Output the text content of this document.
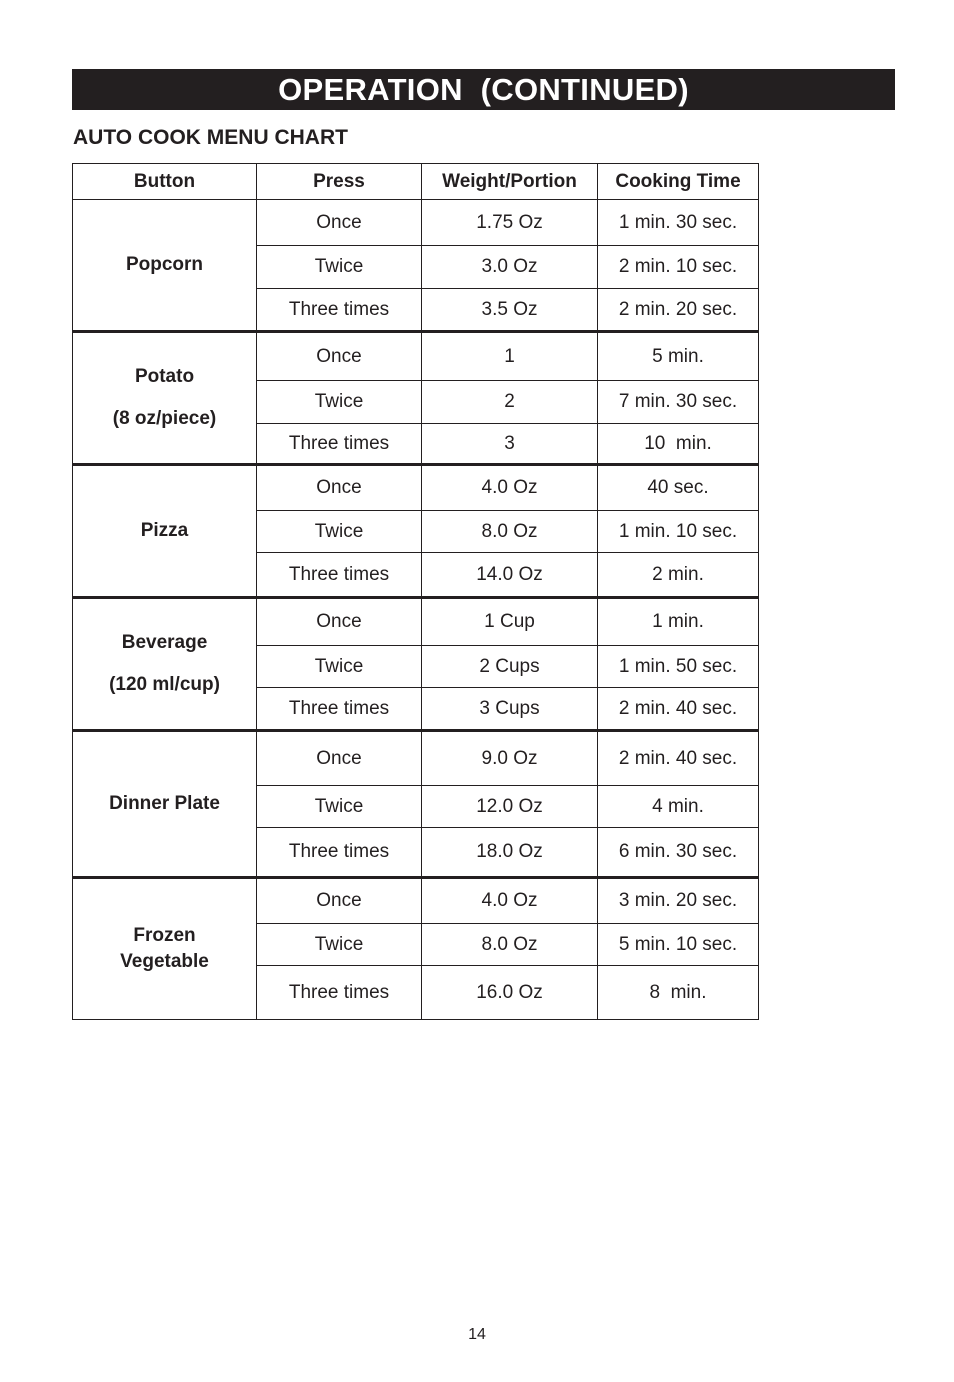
OPERATION  (CONTINUED)
AUTO COOK MENU CHART
Button	Press	Weight/Portion	Cooking Time

Popcorn	Once	1.75 Oz	1 min. 30 sec.
	Twice	3.0 Oz	2 min. 10 sec.
	Three times	3.5 Oz	2 min. 20 sec.

Potato
(8 oz/piece)	Once	1	5 min.
	Twice	2	7 min. 30 sec.
	Three times	3	10  min.

Pizza	Once	4.0 Oz	40 sec.
	Twice	8.0 Oz	1 min. 10 sec.
	Three times	14.0 Oz	2 min.

Beverage
(120 ml/cup)	Once	1 Cup	1 min.
	Twice	2 Cups	1 min. 50 sec.
	Three times	3 Cups	2 min. 40 sec.

Dinner Plate	Once	9.0 Oz	2 min. 40 sec.
	Twice	12.0 Oz	4 min.
	Three times	18.0 Oz	6 min. 30 sec.

Frozen
Vegetable	Once	4.0 Oz	3 min. 20 sec.
	Twice	8.0 Oz	5 min. 10 sec.
	Three times	16.0 Oz	8  min.
14
